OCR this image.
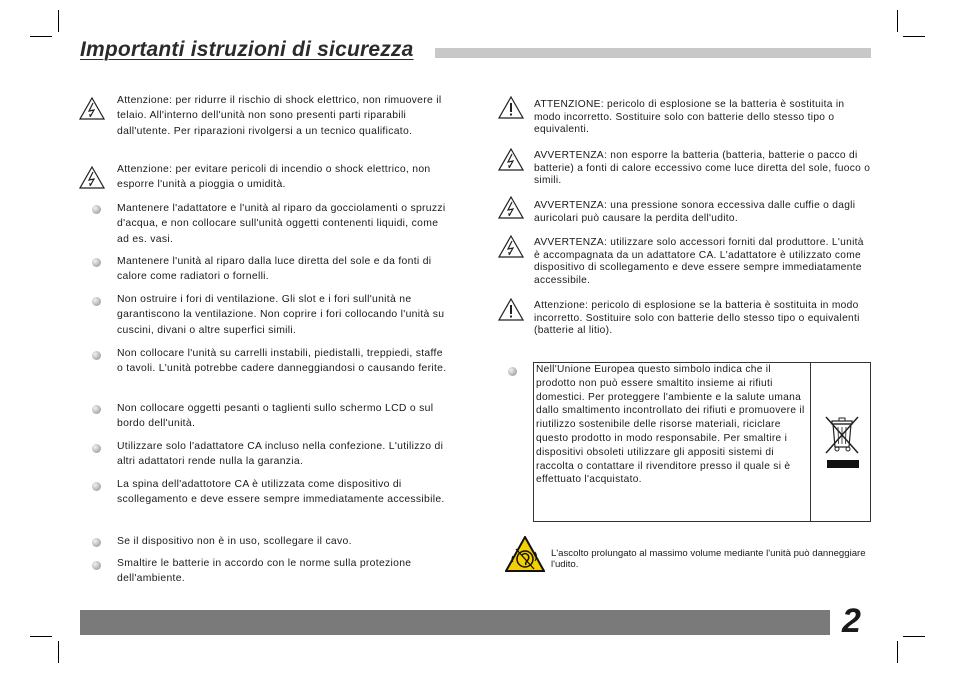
Importanti istruzioni di sicurezza
Attenzione: per ridurre il rischio di shock elettrico, non rimuovere il telaio. All'interno dell'unità non sono presenti parti riparabili dall'utente. Per riparazioni rivolgersi a un tecnico qualificato.
Attenzione: per evitare pericoli di incendio o shock elettrico, non esporre l'unità a pioggia o umidità.
Mantenere l'adattatore e l'unità al riparo da gocciolamenti o spruzzi d'acqua, e non collocare sull'unità oggetti contenenti liquidi, come ad es. vasi.
Mantenere l'unità al riparo dalla luce diretta del sole e da fonti di calore come radiatori o fornelli.
Non ostruire i fori di ventilazione. Gli slot e i fori sull'unità ne garantiscono la ventilazione. Non coprire i fori collocando l'unità su cuscini, divani o altre superfici simili.
Non collocare l'unità su carrelli instabili, piedistalli, treppiedi, staffe o tavoli. L'unità potrebbe cadere danneggiandosi o causando ferite.
Non collocare oggetti pesanti o taglienti sullo schermo LCD o sul bordo dell'unità.
Utilizzare solo l'adattatore CA incluso nella confezione. L'utilizzo di altri adattatori rende nulla la garanzia.
La spina dell'adattotore CA è utilizzata come dispositivo di scollegamento e deve essere sempre immediatamente accessibile.
Se il dispositivo non è in uso, scollegare il cavo.
Smaltire le batterie in accordo con le norme sulla protezione dell'ambiente.
ATTENZIONE: pericolo di esplosione se la batteria è sostituita in modo incorretto. Sostituire solo con batterie dello stesso tipo o equivalenti.
AVVERTENZA: non esporre la batteria (batteria, batterie o pacco di batterie) a fonti di calore eccessivo come luce diretta del sole, fuoco o simili.
AVVERTENZA: una pressione sonora eccessiva dalle cuffie o dagli auricolari può causare la perdita dell'udito.
AVVERTENZA: utilizzare solo accessori forniti dal produttore. L'unità è accompagnata da un adattatore CA. L'adattatore è utilizzato come dispositivo di scollegamento e deve essere sempre immediatamente accessibile.
Attenzione: pericolo di esplosione se la batteria è sostituita in modo incorretto. Sostituire solo con batterie dello stesso tipo o equivalenti (batterie al litio).
Nell'Unione Europea questo simbolo indica che il prodotto non può essere smaltito insieme ai rifiuti domestici. Per proteggere l'ambiente e la salute umana dallo smaltimento incontrollato dei rifiuti e promuovere il riutilizzo sostenibile delle risorse materiali, riciclare questo prodotto in modo responsabile. Per smaltire i dispositivi obsoleti utilizzare gli appositi sistemi di raccolta o contattare il rivenditore presso il quale si è effettuato l'acquistato.
L'ascolto prolungato al massimo volume mediante l'unità può danneggiare l'udito.
2
